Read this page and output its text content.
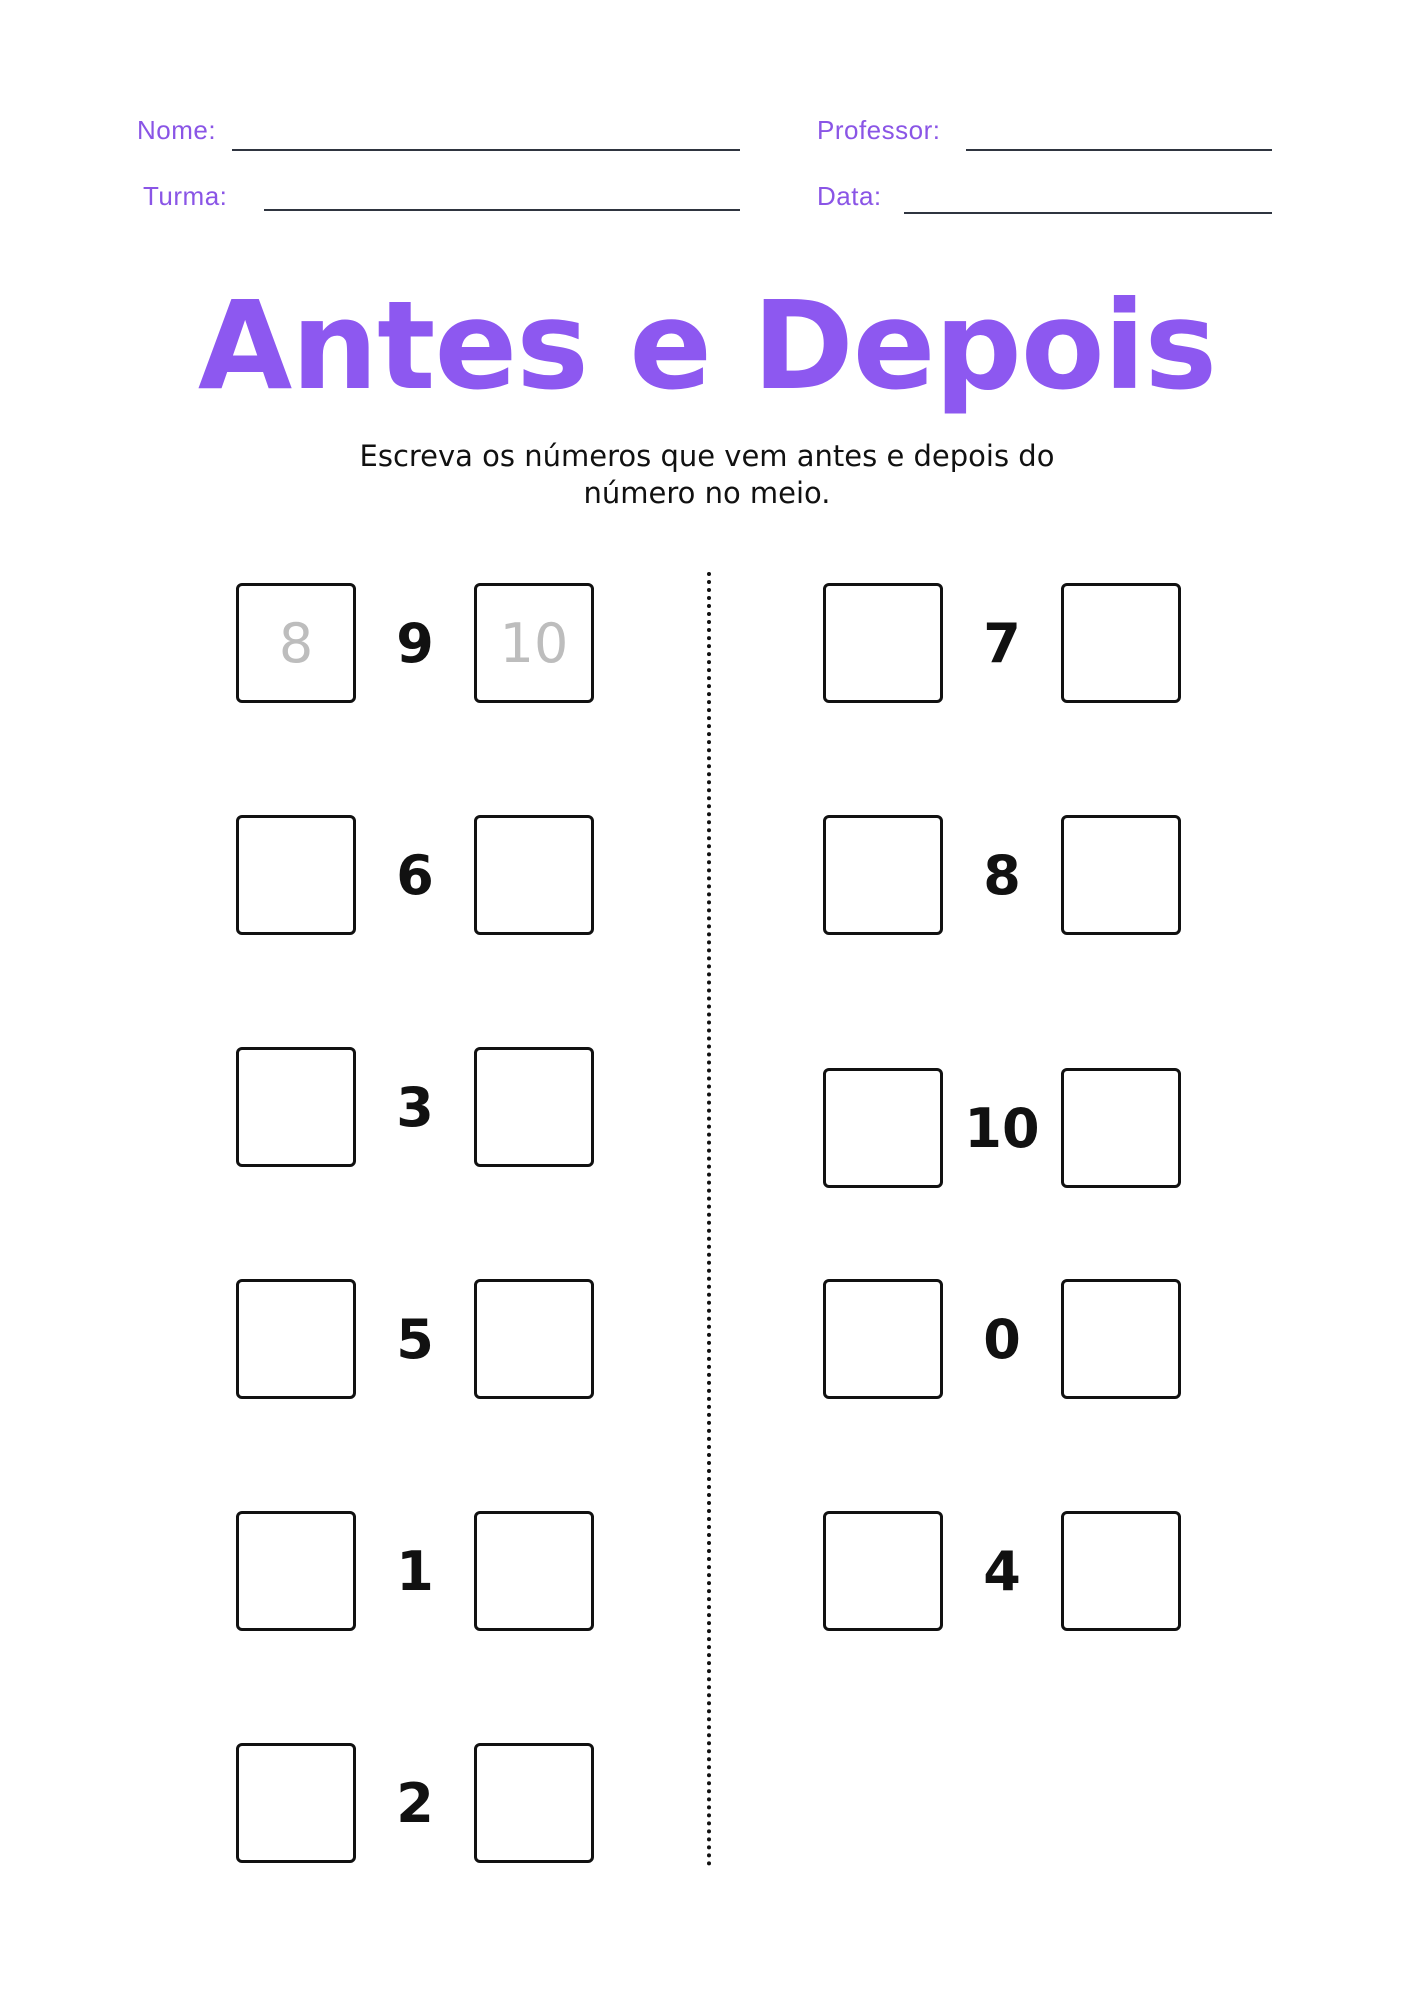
Nome:	Professor:
Turma:	Data:
Antes e Depois

Escreva os números que vem antes e depois do número no meio.

8	9	10
6
3
5
1
2
7
8
10
0
4
